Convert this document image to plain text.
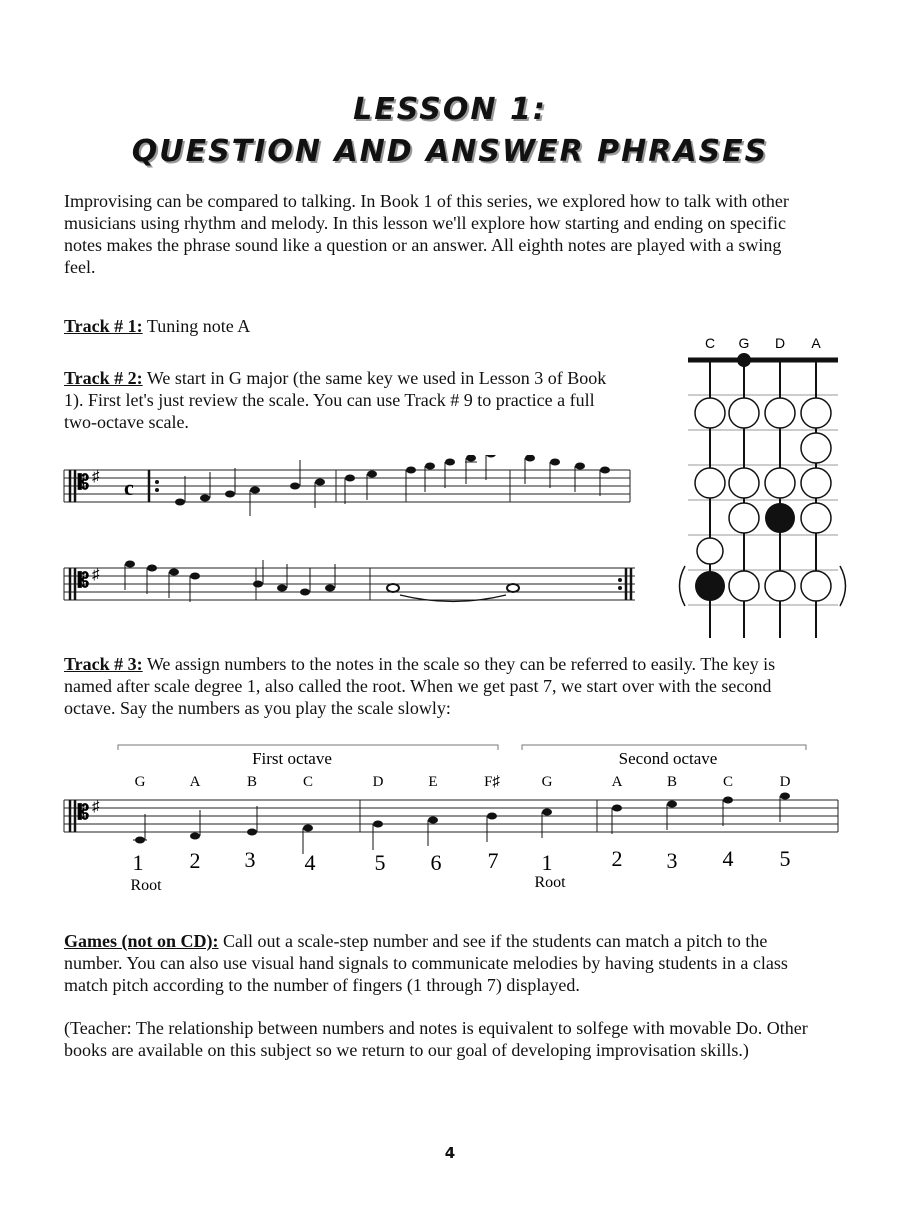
LESSON 1:
QUESTION AND ANSWER PHRASES

Improvising can be compared to talking. In Book 1 of this series, we explored how to talk with other musicians using rhythm and melody. In this lesson we'll explore how starting and ending on specific notes makes the phrase sound like a question or an answer. All eighth notes are played with a swing feel.

Track # 1: Tuning note A

Track # 2: We start in G major (the same key we used in Lesson 3 of Book 1). First let's just review the scale. You can use Track # 9 to practice a full two-octave scale.

𝄡 ♯ c
𝄡 ♯
C G D A

Track # 3: We assign numbers to the notes in the scale so they can be referred to easily. The key is named after scale degree 1, also called the root. When we get past 7, we start over with the second octave. Say the numbers as you play the scale slowly:

First octave	Second octave
G	A	B	C	D	E	F♯	G	A	B	C	D
𝄡 ♯
1 2 3 4	5 6 7 1	2 3 4 5
Root	Root

Games (not on CD): Call out a scale-step number and see if the students can match a pitch to the number. You can also use visual hand signals to communicate melodies by having students in a class match pitch according to the number of fingers (1 through 7) displayed.

(Teacher: The relationship between numbers and notes is equivalent to solfege with movable Do. Other books are available on this subject so we return to our goal of developing improvisation skills.)

4
